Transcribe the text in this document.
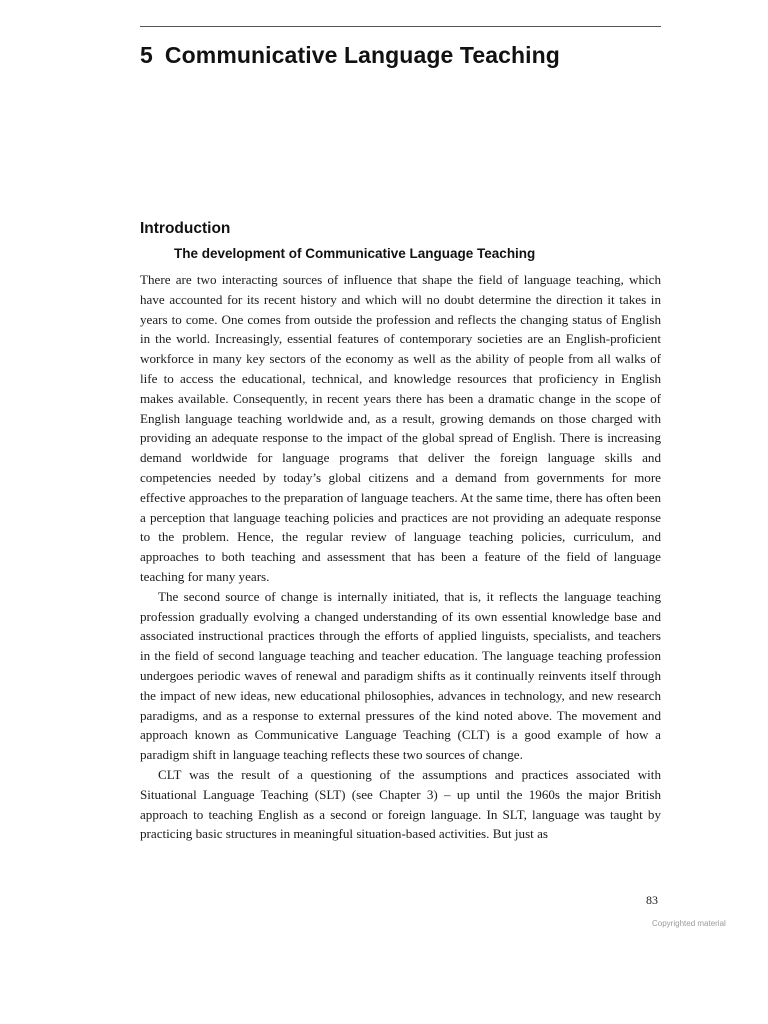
5 Communicative Language Teaching
Introduction
The development of Communicative Language Teaching

There are two interacting sources of influence that shape the field of language teaching, which have accounted for its recent history and which will no doubt determine the direction it takes in years to come. One comes from outside the profession and reflects the changing status of English in the world. Increasingly, essential features of contemporary societies are an English-proficient workforce in many key sectors of the economy as well as the ability of people from all walks of life to access the educational, technical, and knowledge resources that proficiency in English makes available. Consequently, in recent years there has been a dramatic change in the scope of English language teaching worldwide and, as a result, growing demands on those charged with providing an adequate response to the impact of the global spread of English. There is increasing demand worldwide for language programs that deliver the foreign language skills and competencies needed by today’s global citizens and a demand from governments for more effective approaches to the preparation of language teachers. At the same time, there has often been a perception that language teaching policies and practices are not providing an adequate response to the problem. Hence, the regular review of language teaching policies, curriculum, and approaches to both teaching and assessment that has been a feature of the field of language teaching for many years.

The second source of change is internally initiated, that is, it reflects the language teaching profession gradually evolving a changed understanding of its own essential knowledge base and associated instructional practices through the efforts of applied linguists, specialists, and teachers in the field of second language teaching and teacher education. The language teaching profession undergoes periodic waves of renewal and paradigm shifts as it continually reinvents itself through the impact of new ideas, new educational philosophies, advances in technology, and new research paradigms, and as a response to external pressures of the kind noted above. The movement and approach known as Communicative Language Teaching (CLT) is a good example of how a paradigm shift in language teaching reflects these two sources of change.

CLT was the result of a questioning of the assumptions and practices associated with Situational Language Teaching (SLT) (see Chapter 3) – up until the 1960s the major British approach to teaching English as a second or foreign language. In SLT, language was taught by practicing basic structures in meaningful situation-based activities. But just as

83
Copyrighted material
